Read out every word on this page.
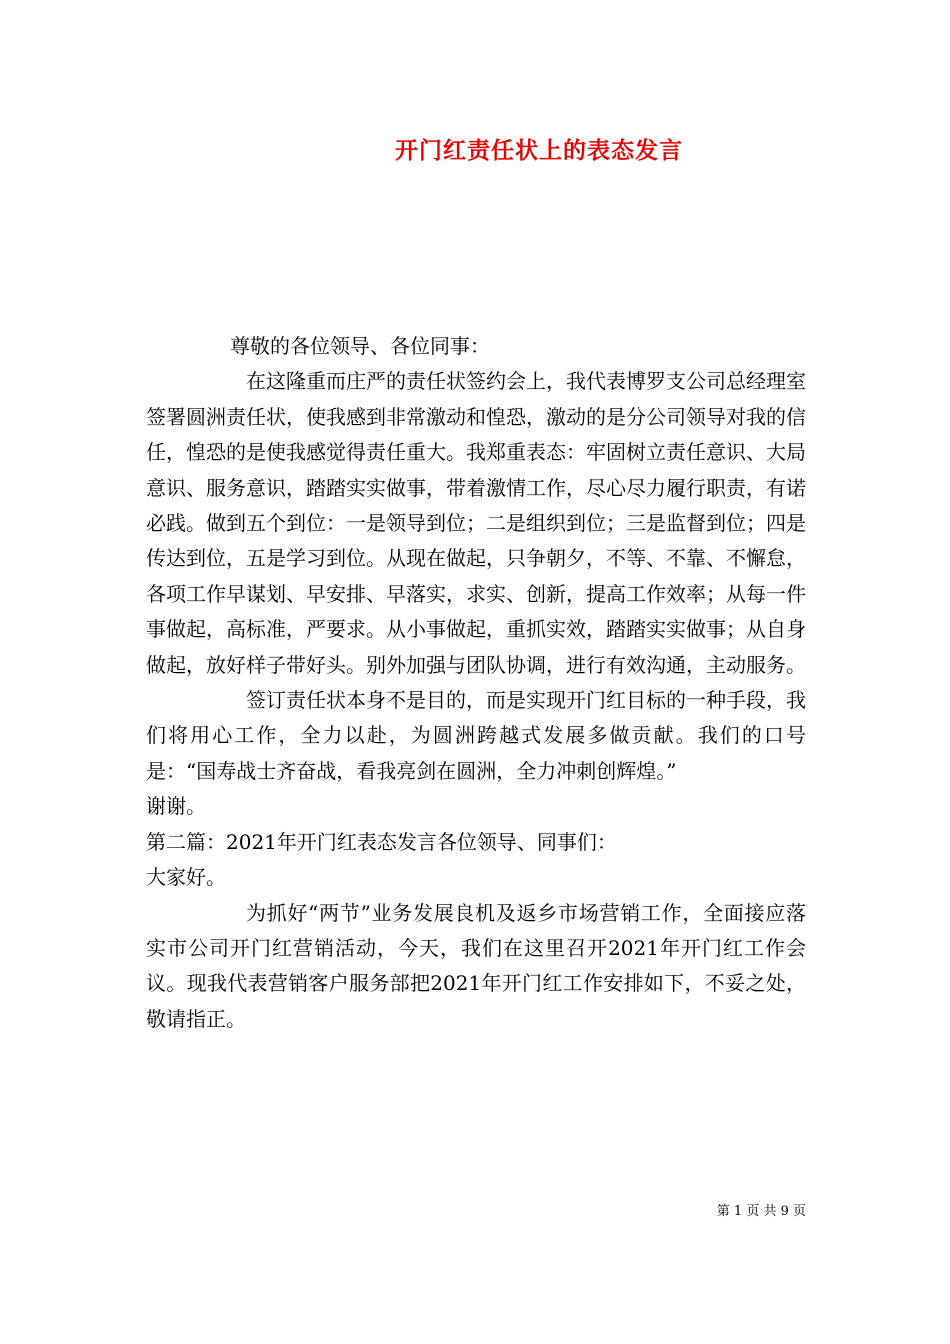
开门红责任状上的表态发言

尊敬的各位领导、各位同事：

在这隆重而庄严的责任状签约会上，我代表博罗支公司总经理室签署圆洲责任状，使我感到非常激动和惶恐，激动的是分公司领导对我的信任，惶恐的是使我感觉得责任重大。我郑重表态：牢固树立责任意识、大局意识、服务意识，踏踏实实做事，带着激情工作，尽心尽力履行职责，有诺必践。做到五个到位：一是领导到位；二是组织到位；三是监督到位；四是传达到位，五是学习到位。从现在做起，只争朝夕，不等、不靠、不懈怠，各项工作早谋划、早安排、早落实，求实、创新，提高工作效率；从每一件事做起，高标准，严要求。从小事做起，重抓实效，踏踏实实做事；从自身做起，放好样子带好头。别外加强与团队协调，进行有效沟通，主动服务。

签订责任状本身不是目的，而是实现开门红目标的一种手段，我们将用心工作，全力以赴，为圆洲跨越式发展多做贡献。我们的口号是：“国寿战士齐奋战，看我亮剑在圆洲，全力冲刺创辉煌。”

谢谢。

第二篇：2021年开门红表态发言各位领导、同事们：

大家好。

为抓好“两节”业务发展良机及返乡市场营销工作，全面接应落实市公司开门红营销活动，今天，我们在这里召开2021年开门红工作会议。现我代表营销客户服务部把2021年开门红工作安排如下，不妥之处，敬请指正。

第 1 页 共 9 页
